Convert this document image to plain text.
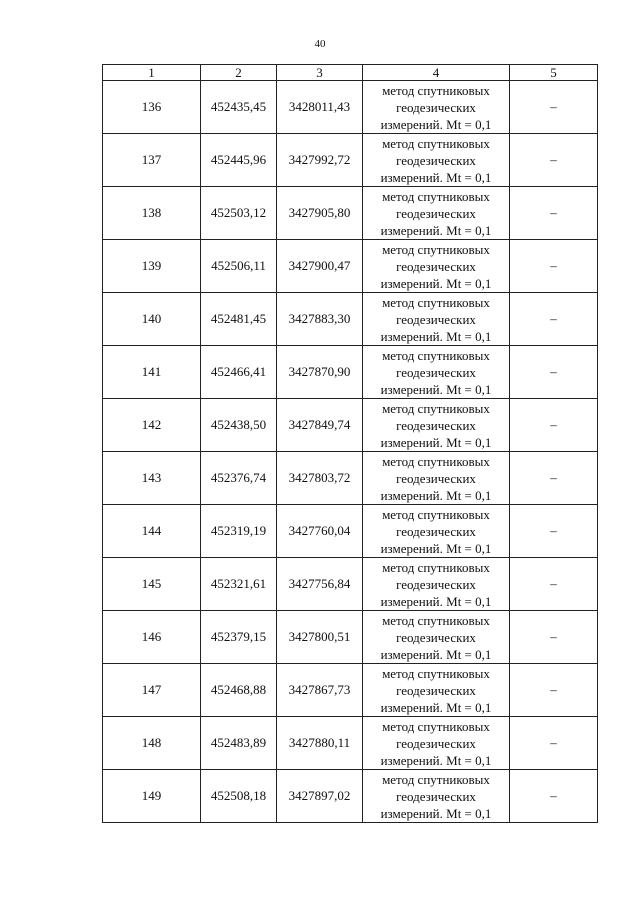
40
1	2	3	4	5
136	452435,45	3428011,43	метод спутниковых
геодезических
измерений. Mt = 0,1	–
137	452445,96	3427992,72	метод спутниковых
геодезических
измерений. Mt = 0,1	–
138	452503,12	3427905,80	метод спутниковых
геодезических
измерений. Mt = 0,1	–
139	452506,11	3427900,47	метод спутниковых
геодезических
измерений. Mt = 0,1	–
140	452481,45	3427883,30	метод спутниковых
геодезических
измерений. Mt = 0,1	–
141	452466,41	3427870,90	метод спутниковых
геодезических
измерений. Mt = 0,1	–
142	452438,50	3427849,74	метод спутниковых
геодезических
измерений. Mt = 0,1	–
143	452376,74	3427803,72	метод спутниковых
геодезических
измерений. Mt = 0,1	–
144	452319,19	3427760,04	метод спутниковых
геодезических
измерений. Mt = 0,1	–
145	452321,61	3427756,84	метод спутниковых
геодезических
измерений. Mt = 0,1	–
146	452379,15	3427800,51	метод спутниковых
геодезических
измерений. Mt = 0,1	–
147	452468,88	3427867,73	метод спутниковых
геодезических
измерений. Mt = 0,1	–
148	452483,89	3427880,11	метод спутниковых
геодезических
измерений. Mt = 0,1	–
149	452508,18	3427897,02	метод спутниковых
геодезических
измерений. Mt = 0,1	–
